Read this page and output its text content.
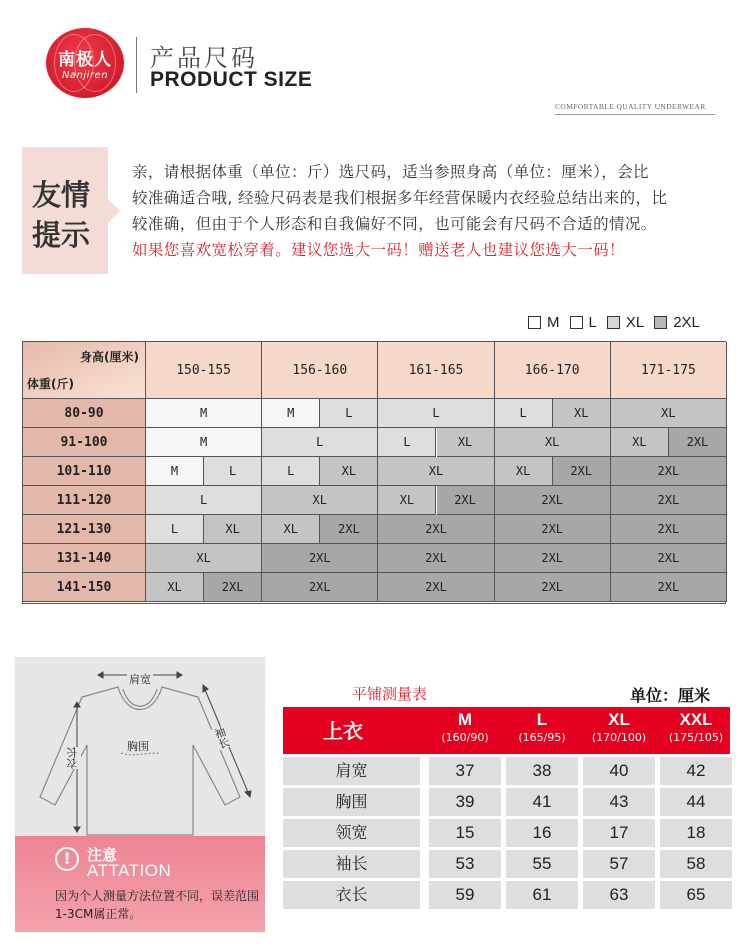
南极人
Nanjiren
产品尺码
PRODUCT SIZE
COMFORTABLE QUALITY UNDERWEAR
友情
提示
亲，请根据体重（单位：斤）选尺码，适当参照身高（单位：厘米），会比
较准确适合哦, 经验尺码表是我们根据多年经营保暖内衣经验总结出来的，比
较准确，但由于个人形态和自我偏好不同，也可能会有尺码不合适的情况。
如果您喜欢宽松穿着。建议您选大一码！赠送老人也建议您选大一码！
M L XL 2XL
身高(厘米)
体重(斤)
150-155	156-160	161-165	166-170	171-175
80-90	M	M	L	L	L	XL	XL
91-100	M	L	L	XL	XL	XL	2XL
101-110	M	L	L	XL	XL	XL	2XL	2XL
111-120	L	XL	XL	2XL	2XL	2XL
121-130	L	XL	XL	2XL	2XL	2XL	2XL
131-140	XL	2XL	2XL	2XL	2XL
141-150	XL	2XL	2XL	2XL	2XL	2XL
肩宽
胸围
衣长
袖长
!	注意
ATTATION
因为个人测量方法位置不同，误差范围1-3CM属正常。
平铺测量表	单位：厘米
上衣	M
(160/90)
L
(165/95)
XL
(170/100)
XXL
(175/105)
肩宽	37	38	40	42
胸围	39	41	43	44
领宽	15	16	17	18
袖长	53	55	57	58
衣长	59	61	63	65
